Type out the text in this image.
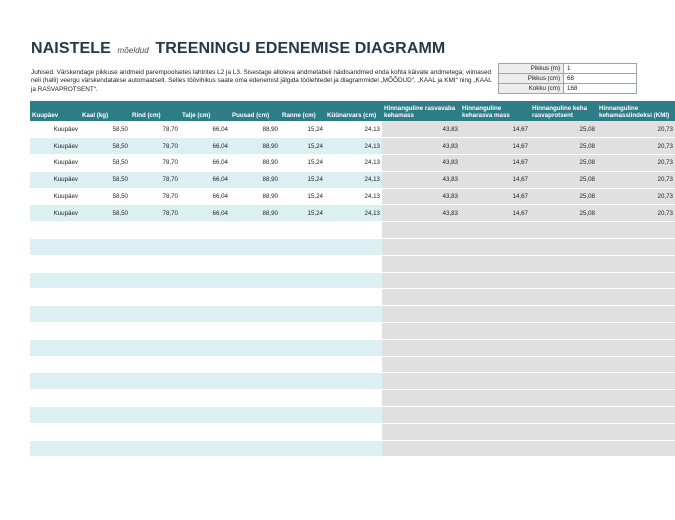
NAISTELE mõeldud TREENINGU EDENEMISE DIAGRAMM
Juhised. Värskendage pikkuse andmeid parempoolsetes lahtrites L2 ja L3. Sisestage alloleva andmetabeli näidisandmed enda kohta käivate andmetega; viimased neli (halli) veergu värskendatakse automaatselt. Selles töövihikus saate oma edenemist jälgida töölehtedel ja diagrammidel „MÕÕDUD“, „KAAL ja KMI“ ning „KAAL ja RASVAPROTSENT“.
Pikkus (m)	1
Pikkus (cm)	68
Kokku (cm)	168
Kuupäev	Kaal (kg)	Rind (cm)	Talje (cm)	Puusad (cm)	Ranne (cm)	Küünarvars (cm)	Hinnanguline rasvavaba kehamass	Hinnanguline keharasva mass	Hinnanguline keha rasvaprotsent	Hinnanguline kehamassiindeksi (KMI)
Kuupäev	58,50	78,70	66,04	88,90	15,24	24,13	43,83	14,67	25,08	20,73
Kuupäev	58,50	78,70	66,04	88,90	15,24	24,13	43,83	14,67	25,08	20,73
Kuupäev	58,50	78,70	66,04	88,90	15,24	24,13	43,83	14,67	25,08	20,73
Kuupäev	58,50	78,70	66,04	88,90	15,24	24,13	43,83	14,67	25,08	20,73
Kuupäev	58,50	78,70	66,04	88,90	15,24	24,13	43,83	14,67	25,08	20,73
Kuupäev	58,50	78,70	66,04	88,90	15,24	24,13	43,83	14,67	25,08	20,73
